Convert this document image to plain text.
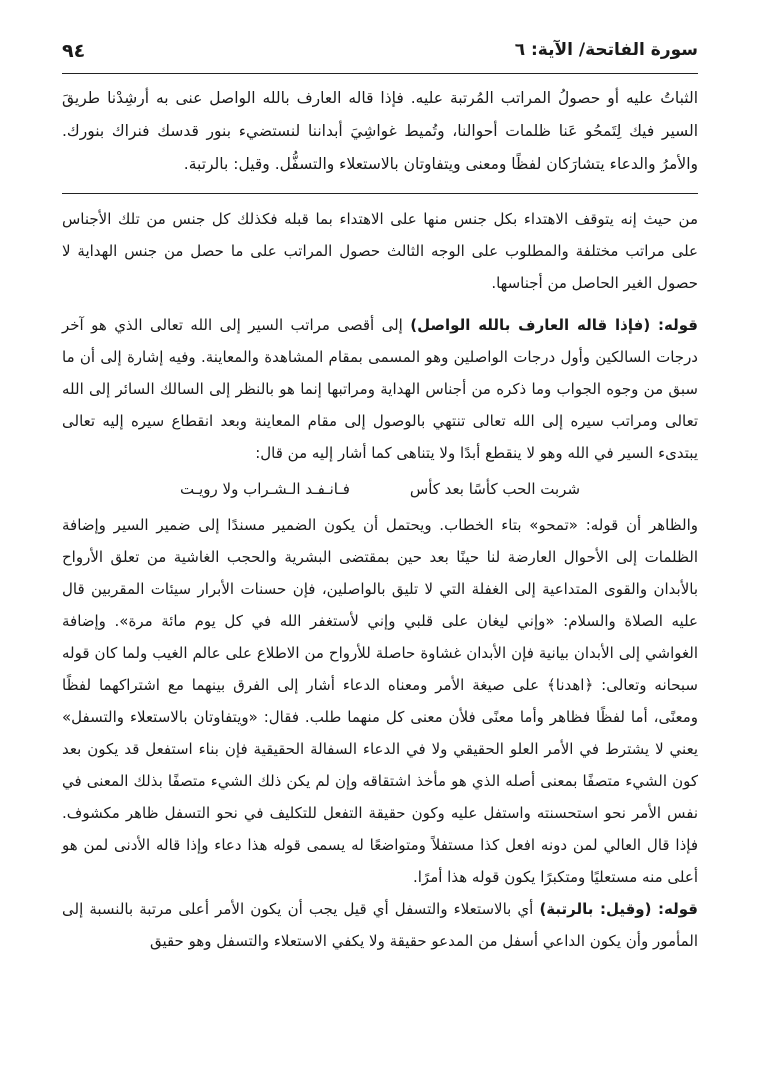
٩٤	سورة الفاتحة/ الآية: ٦
الثباتُ عليه أو حصولُ المراتب المُرتبة عليه. فإذا قاله العارف بالله الواصل عنى به أرشِدْنا طريقَ السير فيك لِتَمحُو عَنا ظلمات أحوالنا، وتُميط غواشِيَ أبداننا لنستضيء بنور قدسك فنراك بنورك. والأمرُ والدعاء يتشارَكان لفظًا ومعنى ويتفاوتان بالاستعلاء والتسفُّل. وقيل: بالرتبة.

من حيث إنه يتوقف الاهتداء بكل جنس منها على الاهتداء بما قبله فكذلك كل جنس من تلك الأجناس على مراتب مختلفة والمطلوب على الوجه الثالث حصول المراتب على ما حصل من جنس الهداية لا حصول الغير الحاصل من أجناسها.

قوله: (فإذا قاله العارف بالله الواصل) إلى أقصى مراتب السير إلى الله تعالى الذي هو آخر درجات السالكين وأول درجات الواصلين وهو المسمى بمقام المشاهدة والمعاينة. وفيه إشارة إلى أن ما سبق من وجوه الجواب وما ذكره من أجناس الهداية ومراتبها إنما هو بالنظر إلى السالك السائر إلى الله تعالى ومراتب سيره إلى الله تعالى تنتهي بالوصول إلى مقام المعاينة وبعد انقطاع سيره إليه تعالى يبتدىء السير في الله وهو لا ينقطع أبدًا ولا يتناهى كما أشار إليه من قال:

شربت الحب كأسًا بعد كأس
فـانـفـد الـشـراب ولا رويـت

والظاهر أن قوله: «تمحو» بتاء الخطاب. ويحتمل أن يكون الضمير مسندًا إلى ضمير السير وإضافة الظلمات إلى الأحوال العارضة لنا حينًا بعد حين بمقتضى البشرية والحجب الغاشية من تعلق الأرواح بالأبدان والقوى المتداعية إلى الغفلة التي لا تليق بالواصلين، فإن حسنات الأبرار سيئات المقربين قال عليه الصلاة والسلام: «وإني ليغان على قلبي وإني لأستغفر الله في كل يوم مائة مرة». وإضافة الغواشي إلى الأبدان بيانية فإن الأبدان غشاوة حاصلة للأرواح من الاطلاع على عالم الغيب ولما كان قوله سبحانه وتعالى: ﴿اهدنا﴾ على صيغة الأمر ومعناه الدعاء أشار إلى الفرق بينهما مع اشتراكهما لفظًا ومعنًى، أما لفظًا فظاهر وأما معنًى فلأن معنى كل منهما طلب. فقال: «ويتفاوتان بالاستعلاء والتسفل» يعني لا يشترط في الأمر العلو الحقيقي ولا في الدعاء السفالة الحقيقية فإن بناء استفعل قد يكون بعد كون الشيء متصفًا بمعنى أصله الذي هو مأخذ اشتقاقه وإن لم يكن ذلك الشيء متصفًا بذلك المعنى في نفس الأمر نحو استحسنته واستفل عليه وكون حقيقة التفعل للتكليف في نحو التسفل ظاهر مكشوف. فإذا قال العالي لمن دونه افعل كذا مستفلاً ومتواضعًا له يسمى قوله هذا دعاء وإذا قاله الأدنى لمن هو أعلى منه مستعليًا ومتكبرًا يكون قوله هذا أمرًا.

قوله: (وقيل: بالرتبة) أي بالاستعلاء والتسفل أي قيل يجب أن يكون الأمر أعلى مرتبة بالنسبة إلى المأمور وأن يكون الداعي أسفل من المدعو حقيقة ولا يكفي الاستعلاء والتسفل وهو حقيق
